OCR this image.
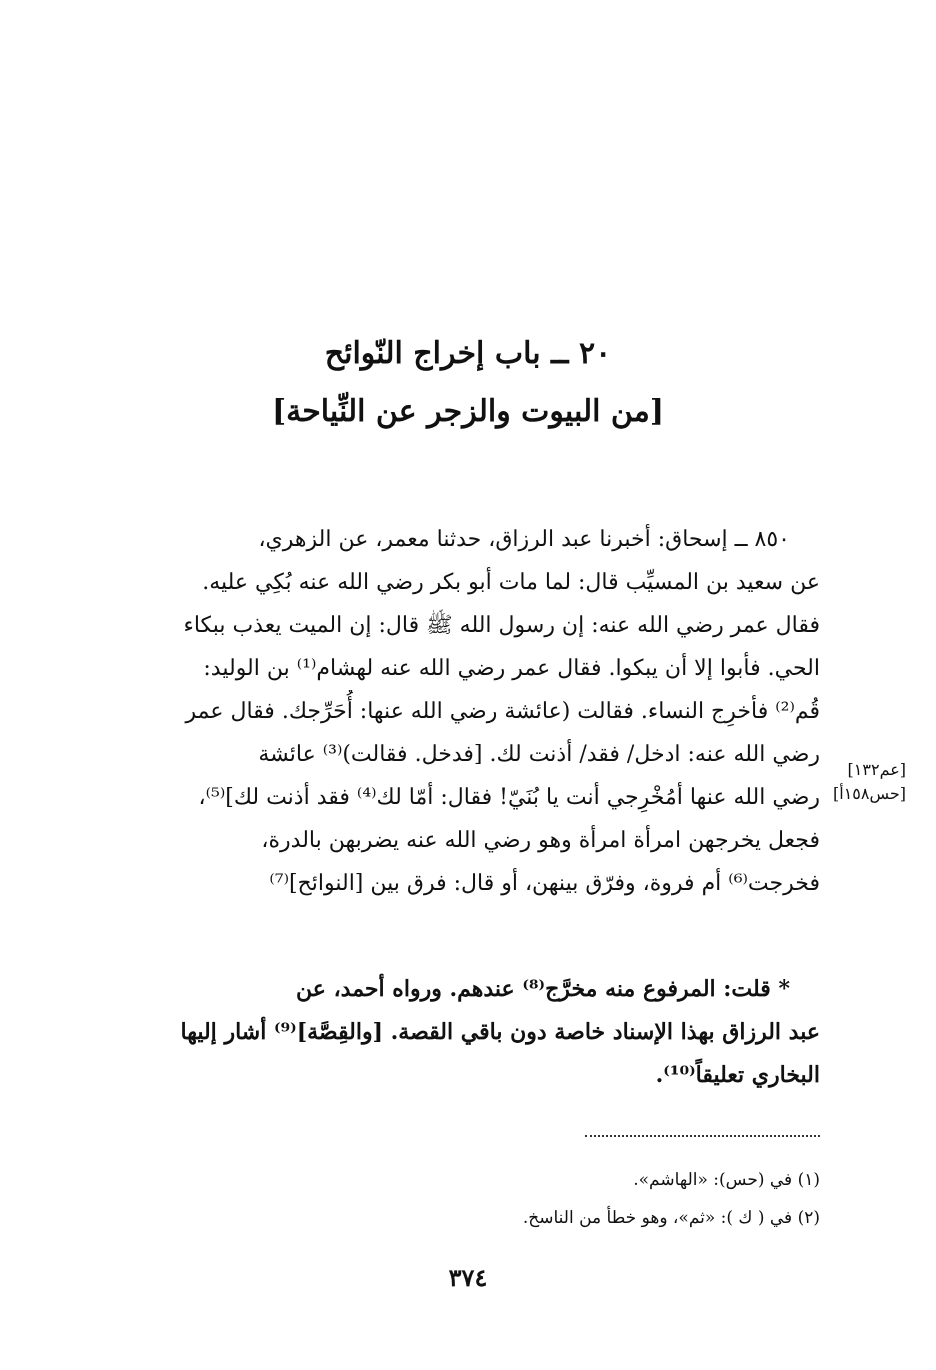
٢٠ ــ باب إخراج النّوائح
[من البيوت والزجر عن النِّياحة]
٨٥٠ ــ إسحاق: أخبرنا عبد الرزاق، حدثنا معمر، عن الزهري،
عن سعيد بن المسيِّب قال: لما مات أبو بكر رضي الله عنه بُكِي عليه.
فقال عمر رضي الله عنه: إن رسول الله ﷺ قال: إن الميت يعذب ببكاء
الحي. فأبوا إلا أن يبكوا. فقال عمر رضي الله عنه لهشام⁽¹⁾ بن الوليد:
قُم⁽²⁾ فأخرِج النساء. فقالت (عائشة رضي الله عنها: أُحَرِّجك. فقال عمر
رضي الله عنه: ادخل/ فقد/ أذنت لك. [فدخل. فقالت)⁽³⁾ عائشة
رضي الله عنها أمُخْرِجي أنت يا بُنَيّ! فقال: أمّا لك⁽⁴⁾ فقد أذنت لك]⁽⁵⁾،
فجعل يخرجهن امرأة امرأة وهو رضي الله عنه يضربهن بالدرة،
فخرجت⁽⁶⁾ أم فروة، وفرّق بينهن، أو قال: فرق بين [النوائح]⁽⁷⁾
[عم١٣٢]
[حس١٥٨أ]
* قلت: المرفوع منه مخرَّج⁽⁸⁾ عندهم. ورواه أحمد، عن
عبد الرزاق بهذا الإسناد خاصة دون باقي القصة. [والقِصَّة]⁽⁹⁾ أشار إليها
البخاري تعليقاً⁽¹⁰⁾.
(١) في (حس): «الهاشم».
(٢) في ( ك ): «ثم»، وهو خطأ من الناسخ.
٣٧٤
